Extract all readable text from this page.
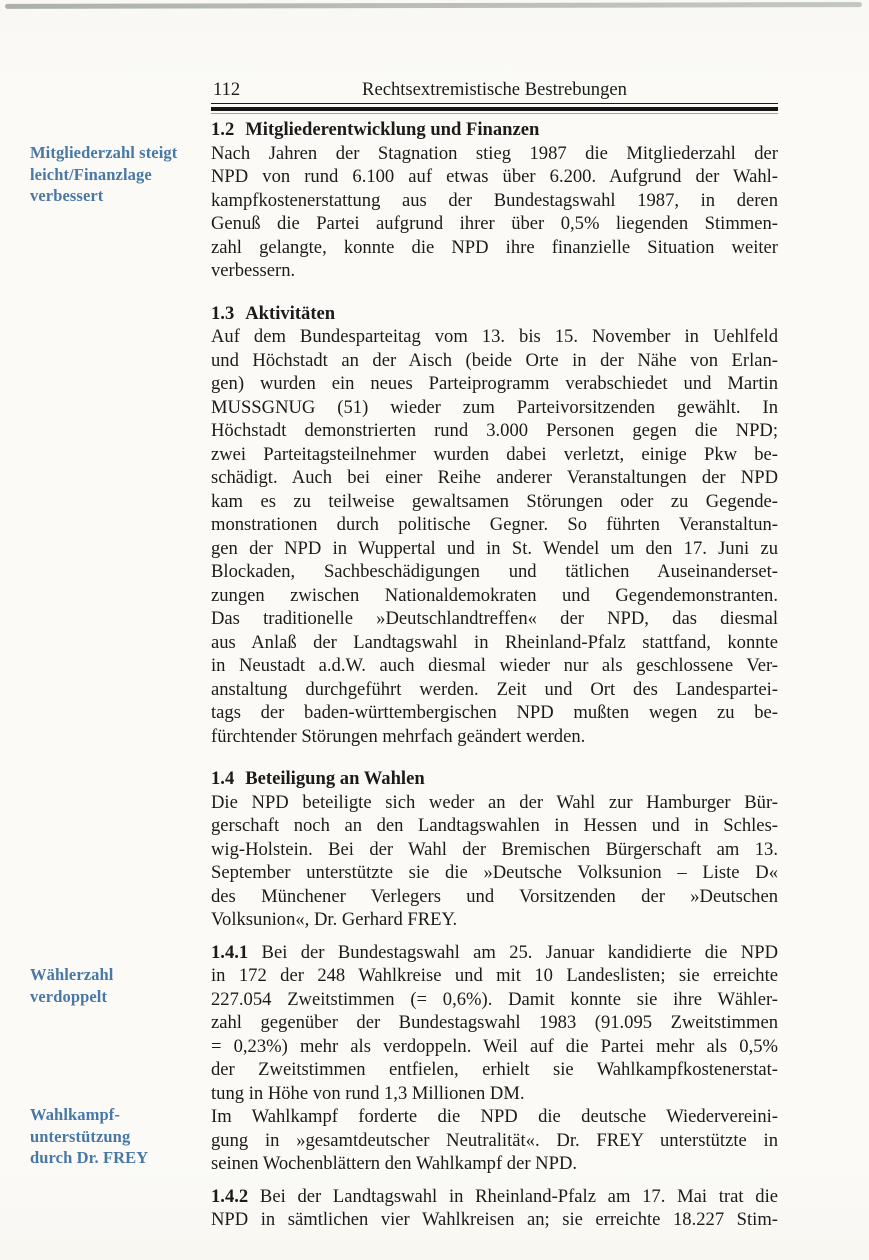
Mitgliederzahl steigt
leicht/Finanzlage
verbessert
Wählerzahl
verdoppelt
Wahlkampf-
unterstützung
durch Dr. FREY
112	Rechtsextremistische Bestrebungen
1.2 Mitgliederentwicklung und Finanzen
Nach Jahren der Stagnation stieg 1987 die Mitgliederzahl der
NPD von rund 6.100 auf etwas über 6.200. Aufgrund der Wahl-
kampfkostenerstattung aus der Bundestagswahl 1987, in deren
Genuß die Partei aufgrund ihrer über 0,5% liegenden Stimmen-
zahl gelangte, konnte die NPD ihre finanzielle Situation weiter
verbessern.
1.3 Aktivitäten
Auf dem Bundesparteitag vom 13. bis 15. November in Uehlfeld
und Höchstadt an der Aisch (beide Orte in der Nähe von Erlan-
gen) wurden ein neues Parteiprogramm verabschiedet und Martin
MUSSGNUG (51) wieder zum Parteivorsitzenden gewählt. In
Höchstadt demonstrierten rund 3.000 Personen gegen die NPD;
zwei Parteitagsteilnehmer wurden dabei verletzt, einige Pkw be-
schädigt. Auch bei einer Reihe anderer Veranstaltungen der NPD
kam es zu teilweise gewaltsamen Störungen oder zu Gegende-
monstrationen durch politische Gegner. So führten Veranstaltun-
gen der NPD in Wuppertal und in St. Wendel um den 17. Juni zu
Blockaden, Sachbeschädigungen und tätlichen Auseinanderset-
zungen zwischen Nationaldemokraten und Gegendemonstranten.
Das traditionelle »Deutschlandtreffen« der NPD, das diesmal
aus Anlaß der Landtagswahl in Rheinland-Pfalz stattfand, konnte
in Neustadt a.d.W. auch diesmal wieder nur als geschlossene Ver-
anstaltung durchgeführt werden. Zeit und Ort des Landespartei-
tags der baden-württembergischen NPD mußten wegen zu be-
fürchtender Störungen mehrfach geändert werden.
1.4 Beteiligung an Wahlen
Die NPD beteiligte sich weder an der Wahl zur Hamburger Bür-
gerschaft noch an den Landtagswahlen in Hessen und in Schles-
wig-Holstein. Bei der Wahl der Bremischen Bürgerschaft am 13.
September unterstützte sie die »Deutsche Volksunion – Liste D«
des Münchener Verlegers und Vorsitzenden der »Deutschen
Volksunion«, Dr. Gerhard FREY.
1.4.1 Bei der Bundestagswahl am 25. Januar kandidierte die NPD
in 172 der 248 Wahlkreise und mit 10 Landeslisten; sie erreichte
227.054 Zweitstimmen (= 0,6%). Damit konnte sie ihre Wähler-
zahl gegenüber der Bundestagswahl 1983 (91.095 Zweitstimmen
= 0,23%) mehr als verdoppeln. Weil auf die Partei mehr als 0,5%
der Zweitstimmen entfielen, erhielt sie Wahlkampfkostenerstat-
tung in Höhe von rund 1,3 Millionen DM.
Im Wahlkampf forderte die NPD die deutsche Wiedervereini-
gung in »gesamtdeutscher Neutralität«. Dr. FREY unterstützte in
seinen Wochenblättern den Wahlkampf der NPD.
1.4.2 Bei der Landtagswahl in Rheinland-Pfalz am 17. Mai trat die
NPD in sämtlichen vier Wahlkreisen an; sie erreichte 18.227 Stim-
